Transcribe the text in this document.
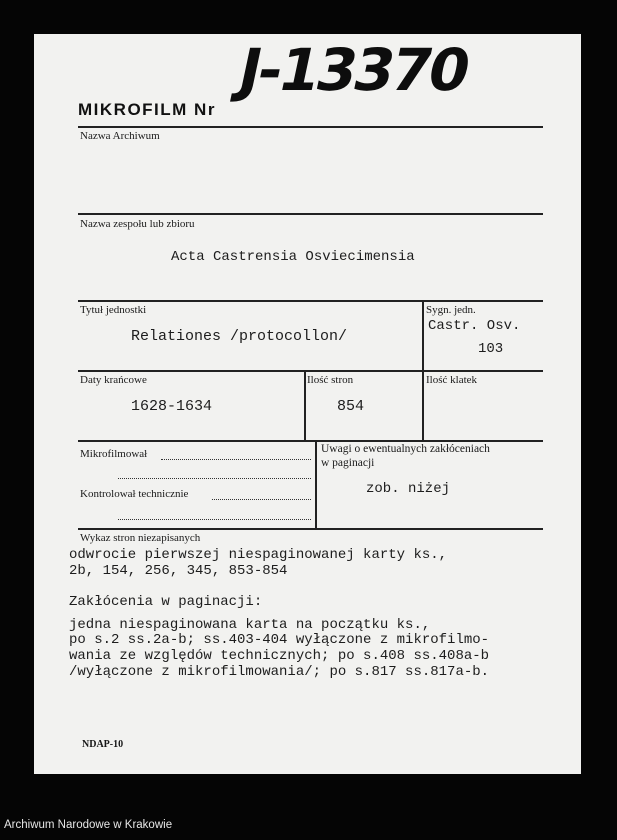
MIKROFILM Nr
J-13370
Nazwa Archiwum
Nazwa zespołu lub zbioru
Acta Castrensia Osviecimensia
Tytuł jednostki
Relationes /protocollon/
Sygn. jedn.
Castr. Osv.
103
Daty krańcowe
1628-1634
Ilość stron
854
Ilość klatek
Mikrofilmował
Kontrolował technicznie
Uwagi o ewentualnych zakłóceniach
w paginacji
zob. niżej
Wykaz stron niezapisanych
odwrocie pierwszej niespaginowanej karty ks.,
2b, 154, 256, 345, 853-854
Zakłócenia w paginacji:
jedna niespaginowana karta na początku ks.,
po s.2 ss.2a-b; ss.403-404 wyłączone z mikrofilmo-
wania ze względów technicznych; po s.408 ss.408a-b
/wyłączone z mikrofilmowania/; po s.817 ss.817a-b.
NDAP-10
Archiwum Narodowe w Krakowie
